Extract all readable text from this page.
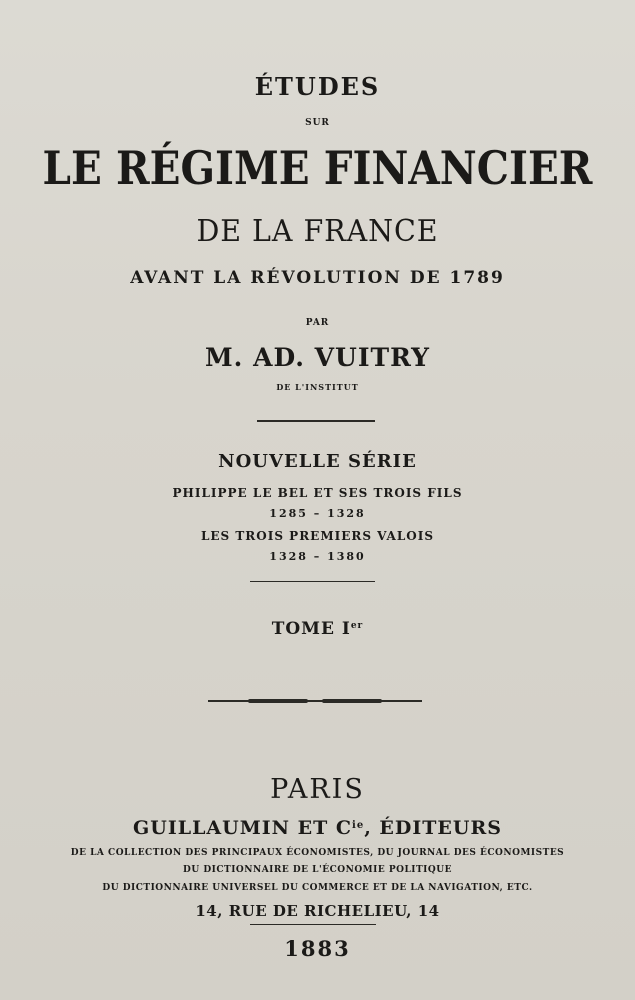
ÉTUDES
SUR
LE RÉGIME FINANCIER
DE LA FRANCE
AVANT LA RÉVOLUTION DE 1789
PAR
M. AD. VUITRY
DE L'INSTITUT
NOUVELLE SÉRIE
PHILIPPE LE BEL ET SES TROIS FILS
1285 – 1328
LES TROIS PREMIERS VALOIS
1328 – 1380
TOME Ier
PARIS
GUILLAUMIN ET $C^{ie}$, ÉDITEURS
DE LA COLLECTION DES PRINCIPAUX ÉCONOMISTES, DU JOURNAL DES ÉCONOMISTES
DU DICTIONNAIRE DE L'ÉCONOMIE POLITIQUE
DU DICTIONNAIRE UNIVERSEL DU COMMERCE ET DE LA NAVIGATION, ETC.
14, RUE DE RICHELIEU, 14
1883
